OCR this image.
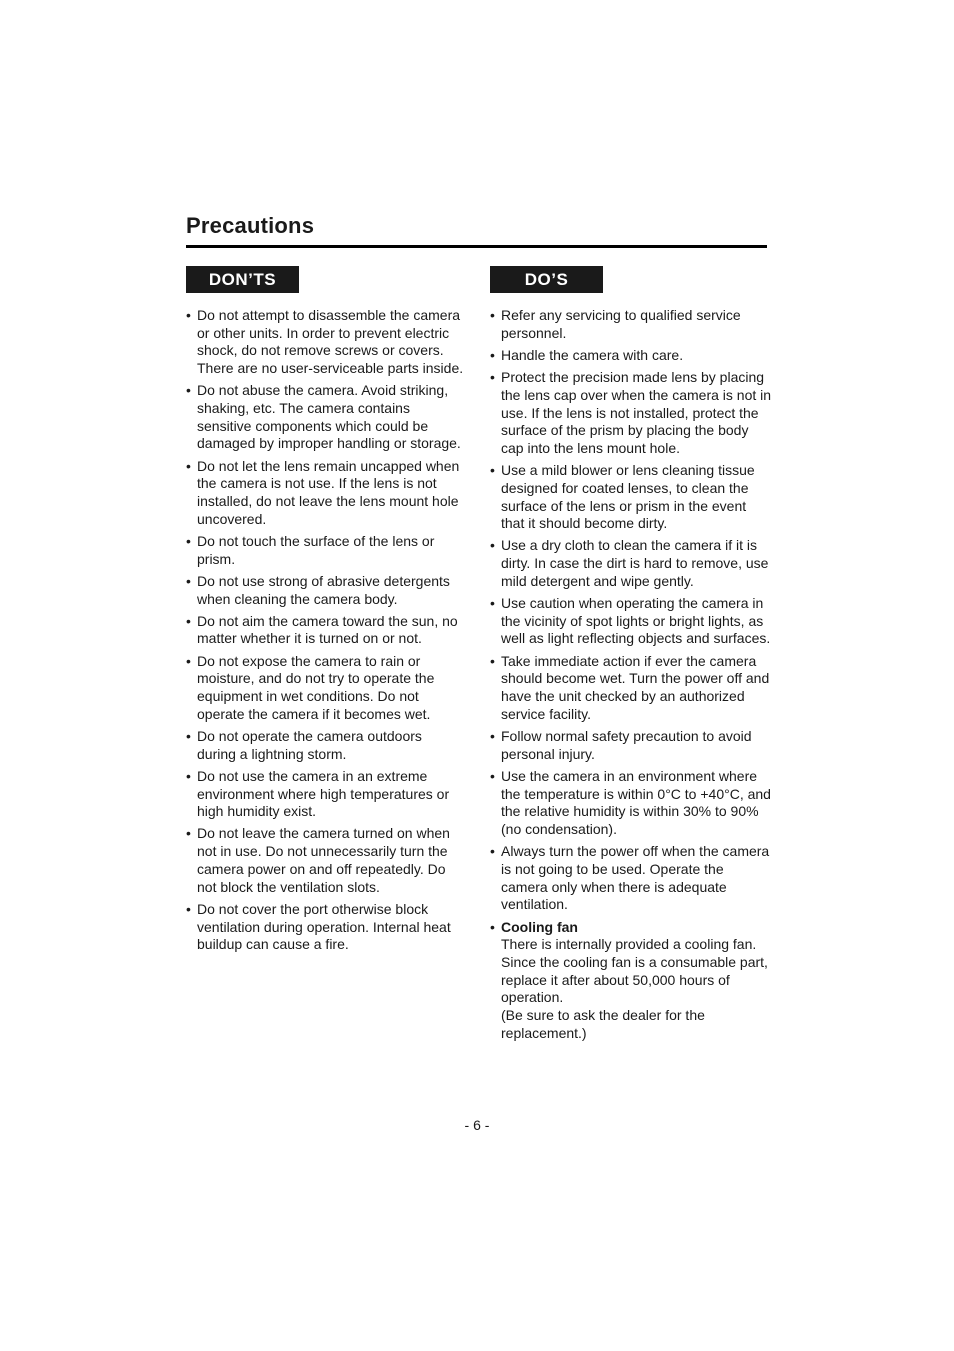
Precautions
DON’TS
• Do not attempt to disassemble the camera or other units. In order to prevent electric shock, do not remove screws or covers. There are no user-serviceable parts inside.
• Do not abuse the camera. Avoid striking, shaking, etc. The camera contains sensitive components which could be damaged by improper handling or storage.
• Do not let the lens remain uncapped when the camera is not use. If the lens is not installed, do not leave the lens mount hole uncovered.
• Do not touch the surface of the lens or prism.
• Do not use strong of abrasive detergents when cleaning the camera body.
• Do not aim the camera toward the sun, no matter whether it is turned on or not.
• Do not expose the camera to rain or moisture, and do not try to operate the equipment in wet conditions. Do not operate the camera if it becomes wet.
• Do not operate the camera outdoors during a lightning storm.
• Do not use the camera in an extreme environment where high temperatures or high humidity exist.
• Do not leave the camera turned on when not in use. Do not unnecessarily turn the camera power on and off repeatedly. Do not block the ventilation slots.
• Do not cover the port otherwise block ventilation during operation. Internal heat buildup can cause a fire.
DO’S
• Refer any servicing to qualified service personnel.
• Handle the camera with care.
• Protect the precision made lens by placing the lens cap over when the camera is not in use. If the lens is not installed, protect the surface of the prism by placing the body cap into the lens mount hole.
• Use a mild blower or lens cleaning tissue designed for coated lenses, to clean the surface of the lens or prism in the event that it should become dirty.
• Use a dry cloth to clean the camera if it is dirty. In case the dirt is hard to remove, use mild detergent and wipe gently.
• Use caution when operating the camera in the vicinity of spot lights or bright lights, as well as light reflecting objects and surfaces.
• Take immediate action if ever the camera should become wet. Turn the power off and have the unit checked by an authorized service facility.
• Follow normal safety precaution to avoid personal injury.
• Use the camera in an environment where the temperature is within 0°C to +40°C, and the relative humidity is within 30% to 90% (no condensation).
• Always turn the power off when the camera is not going to be used. Operate the camera only when there is adequate ventilation.
• Cooling fan
There is internally provided a cooling fan. Since the cooling fan is a consumable part, replace it after about 50,000 hours of operation.
(Be sure to ask the dealer for the replacement.)
- 6 -
